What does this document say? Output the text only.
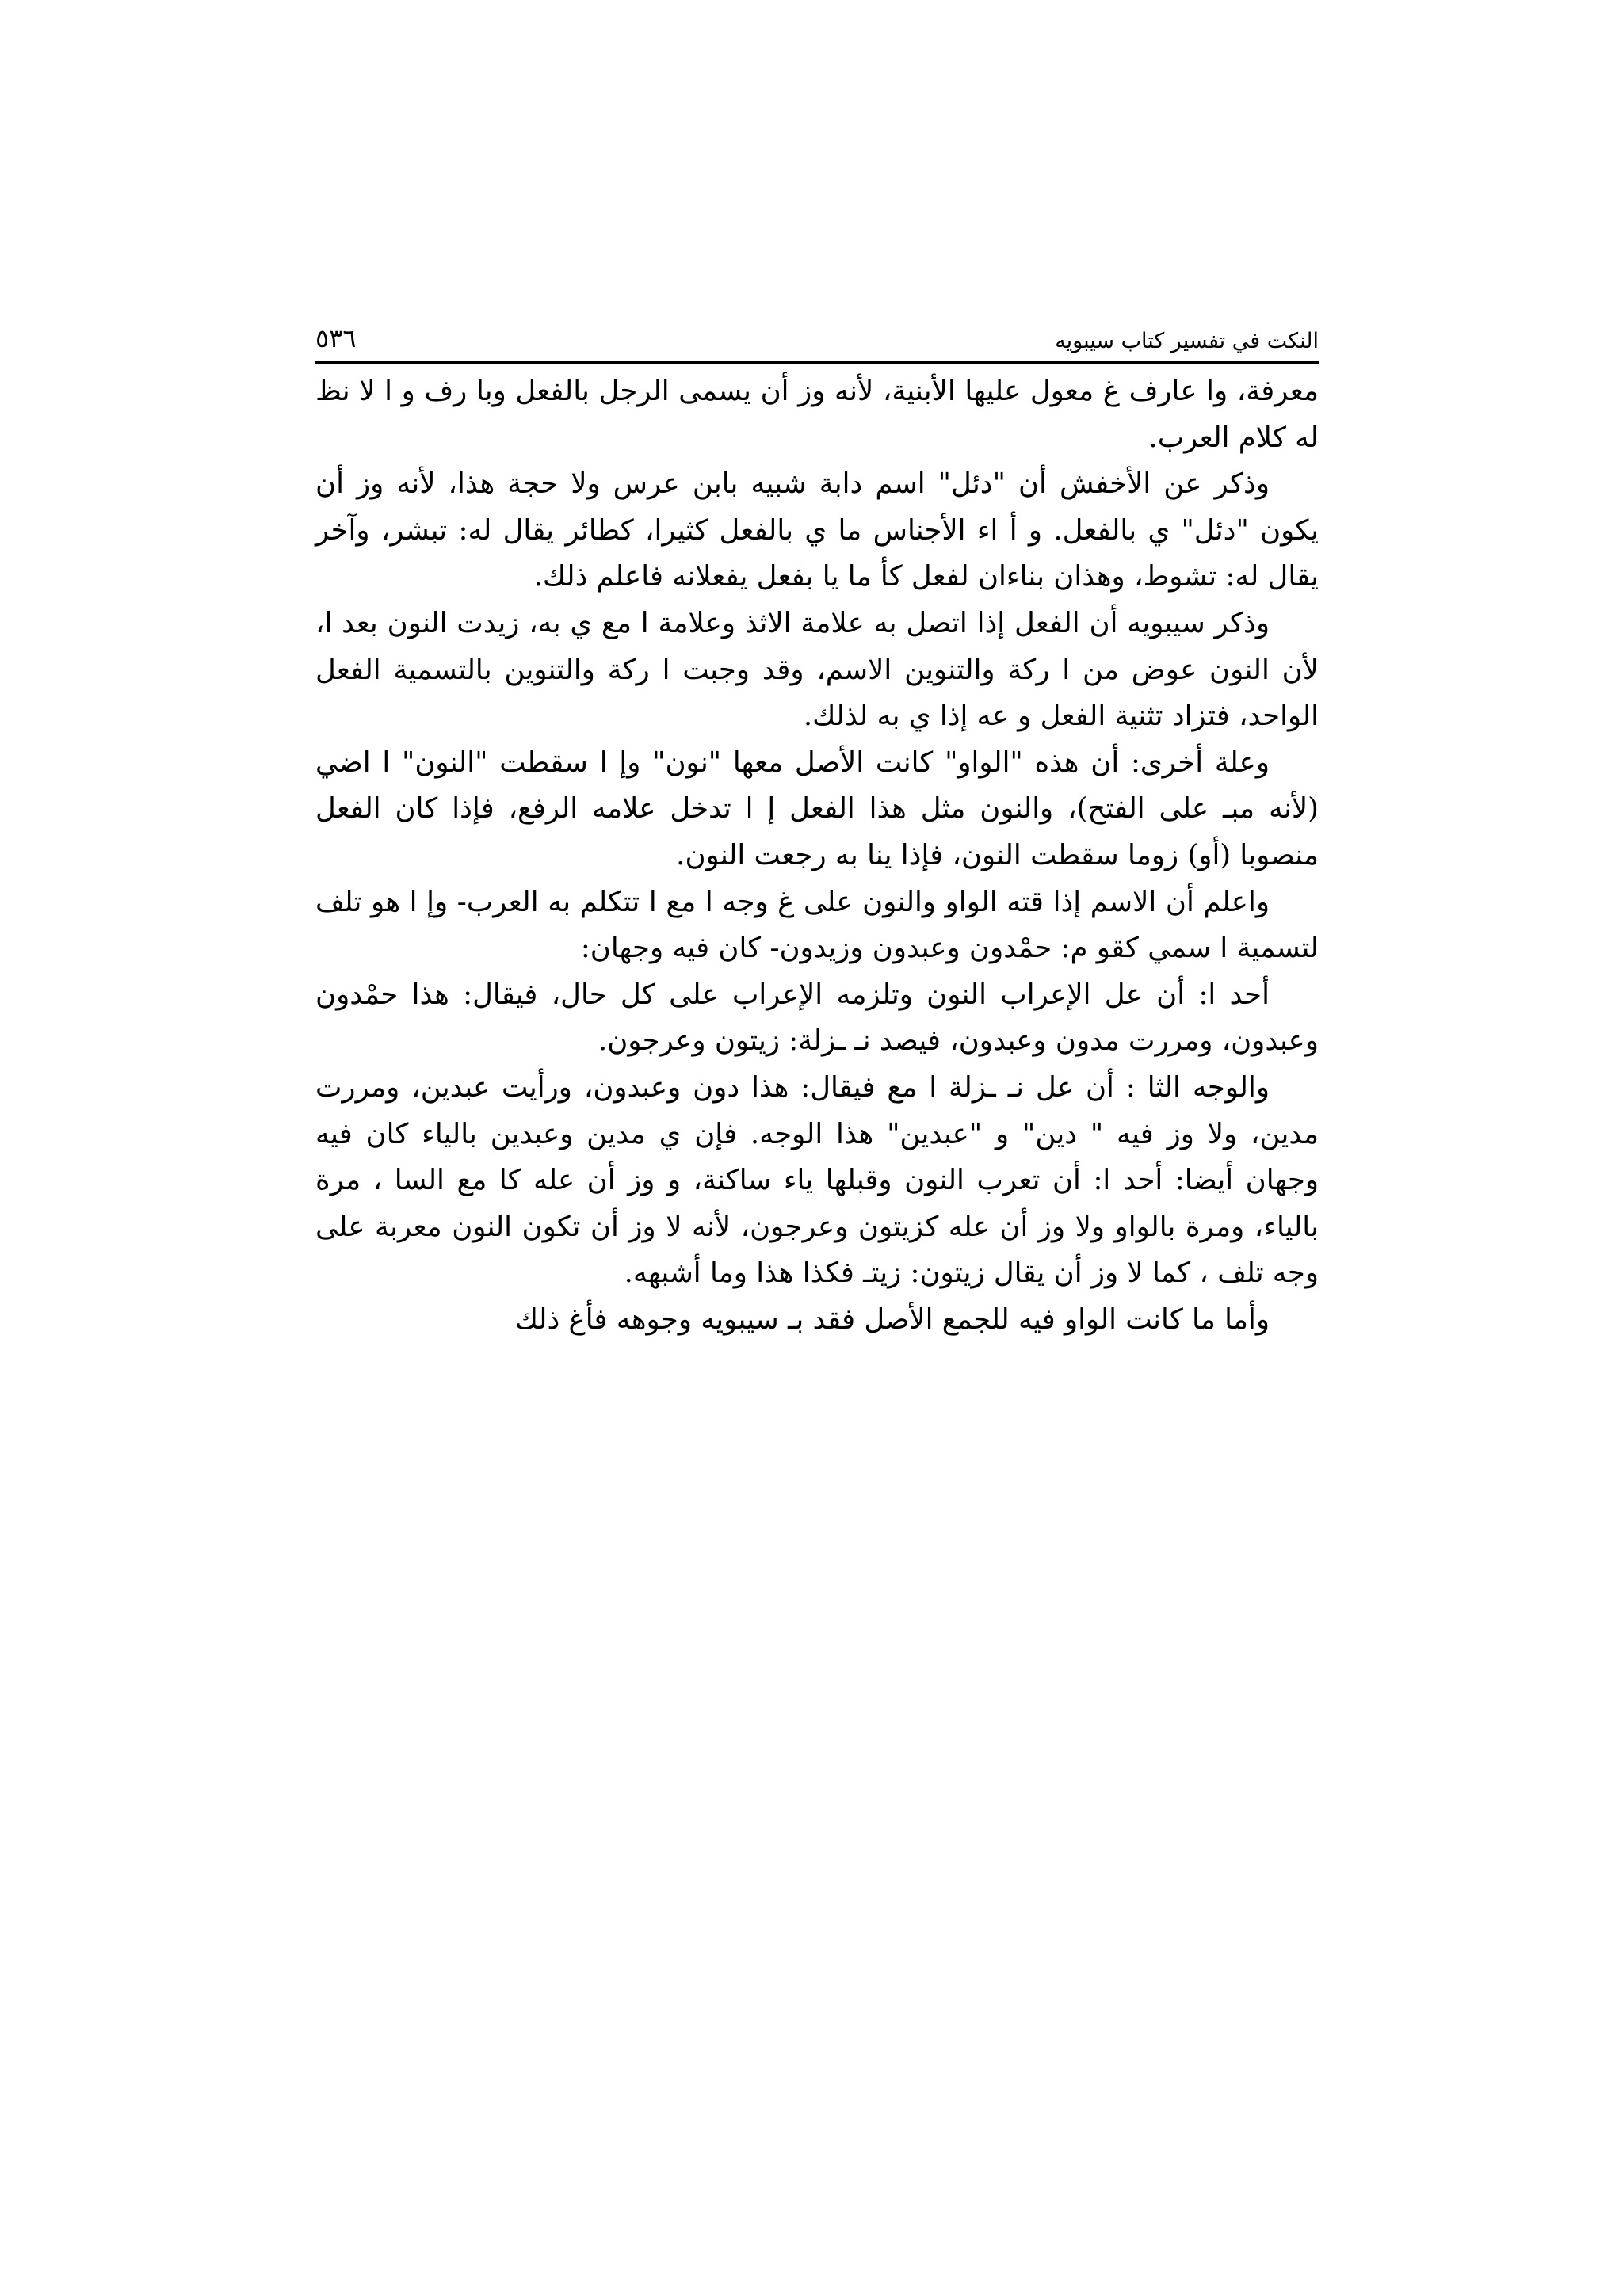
النكت في تفسير كتاب سيبويه
٥٣٦

معرفة، وا عارف غ معول عليها الأبنية، لأنه وز أن يسمى الرجل بالفعل وبا رف و ا لا نظ له كلام العرب.

وذكر عن الأخفش أن "دئل" اسم دابة شبيه بابن عرس ولا حجة هذا، لأنه وز أن يكون "دئل" ي بالفعل. و أ اء الأجناس ما ي بالفعل كثيرا، كطائر يقال له: تبشر، وآخر يقال له: تشوط، وهذان بناءان لفعل كأ ما يا بفعل يفعلانه فاعلم ذلك.

وذكر سيبويه أن الفعل إذا اتصل به علامة الاثذ وعلامة ا مع ي به، زيدت النون بعد ا، لأن النون عوض من ا ركة والتنوين الاسم، وقد وجبت ا ركة والتنوين بالتسمية الفعل الواحد، فتزاد تثنية الفعل و عه إذا ي به لذلك.

وعلة أخرى: أن هذه "الواو" كانت الأصل معها "نون" وإ ا سقطت "النون" ا اضي (لأنه مبـ على الفتح)، والنون مثل هذا الفعل إ ا تدخل علامه الرفع، فإذا كان الفعل منصوبا (أو) زوما سقطت النون، فإذا ينا به رجعت النون.

واعلم أن الاسم إذا قته الواو والنون على غ وجه ا مع ا تتكلم به العرب- وإ ا هو تلف لتسمية ا سمي كقو م: حمْدون وعبدون وزيدون- كان فيه وجهان:

أحد ا: أن عل الإعراب النون وتلزمه الإعراب على كل حال، فيقال: هذا حمْدون وعبدون، ومررت مدون وعبدون، فيصد نـ ـزلة: زيتون وعرجون.

والوجه الثا : أن عل نـ ـزلة ا مع فيقال: هذا دون وعبدون، ورأيت عبدين، ومررت مدين، ولا وز فيه " دين" و "عبدين" هذا الوجه. فإن ي مدين وعبدين بالياء كان فيه وجهان أيضا: أحد ا: أن تعرب النون وقبلها ياء ساكنة، و وز أن عله كا مع السا ، مرة بالياء، ومرة بالواو ولا وز أن عله كزيتون وعرجون، لأنه لا وز أن تكون النون معربة على وجه تلف ، كما لا وز أن يقال زيتون: زيتـ فكذا هذا وما أشبهه.

وأما ما كانت الواو فيه للجمع الأصل فقد بـ سيبويه وجوهه فأغ ذلك
